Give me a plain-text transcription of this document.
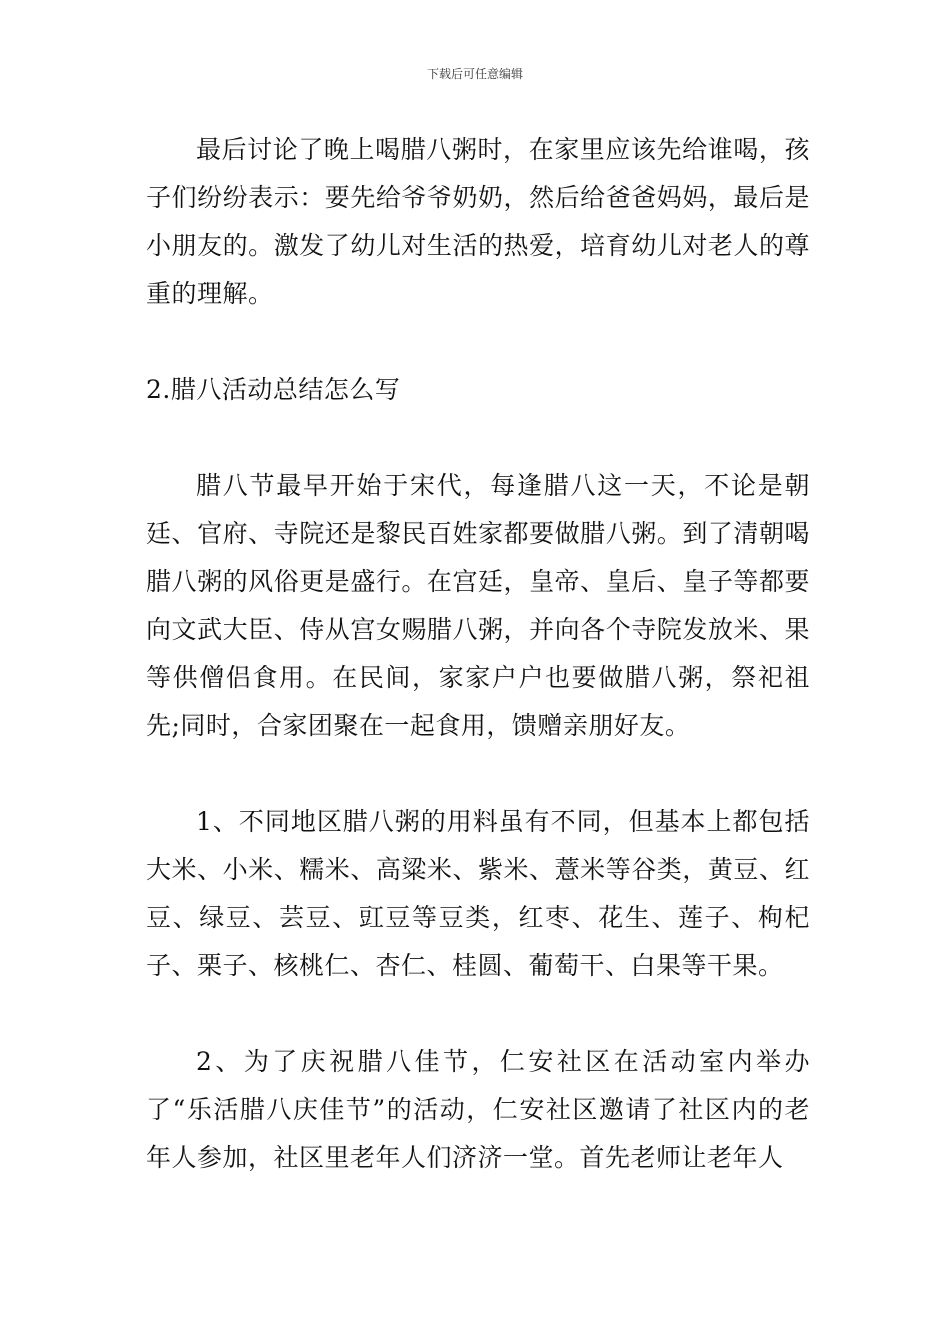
下载后可任意编辑

最后讨论了晚上喝腊八粥时，在家里应该先给谁喝，孩子们纷纷表示：要先给爷爷奶奶，然后给爸爸妈妈，最后是小朋友的。激发了幼儿对生活的热爱，培育幼儿对老人的尊重的理解。

2.腊八活动总结怎么写

腊八节最早开始于宋代，每逢腊八这一天，不论是朝廷、官府、寺院还是黎民百姓家都要做腊八粥。到了清朝喝腊八粥的风俗更是盛行。在宫廷，皇帝、皇后、皇子等都要向文武大臣、侍从宫女赐腊八粥，并向各个寺院发放米、果等供僧侣食用。在民间，家家户户也要做腊八粥，祭祀祖先;同时，合家团聚在一起食用，馈赠亲朋好友。

1、不同地区腊八粥的用料虽有不同，但基本上都包括大米、小米、糯米、高粱米、紫米、薏米等谷类，黄豆、红豆、绿豆、芸豆、豇豆等豆类，红枣、花生、莲子、枸杞子、栗子、核桃仁、杏仁、桂圆、葡萄干、白果等干果。

2、为了庆祝腊八佳节，仁安社区在活动室内举办了“乐活腊八庆佳节”的活动，仁安社区邀请了社区内的老年人参加，社区里老年人们济济一堂。首先老师让老年人
